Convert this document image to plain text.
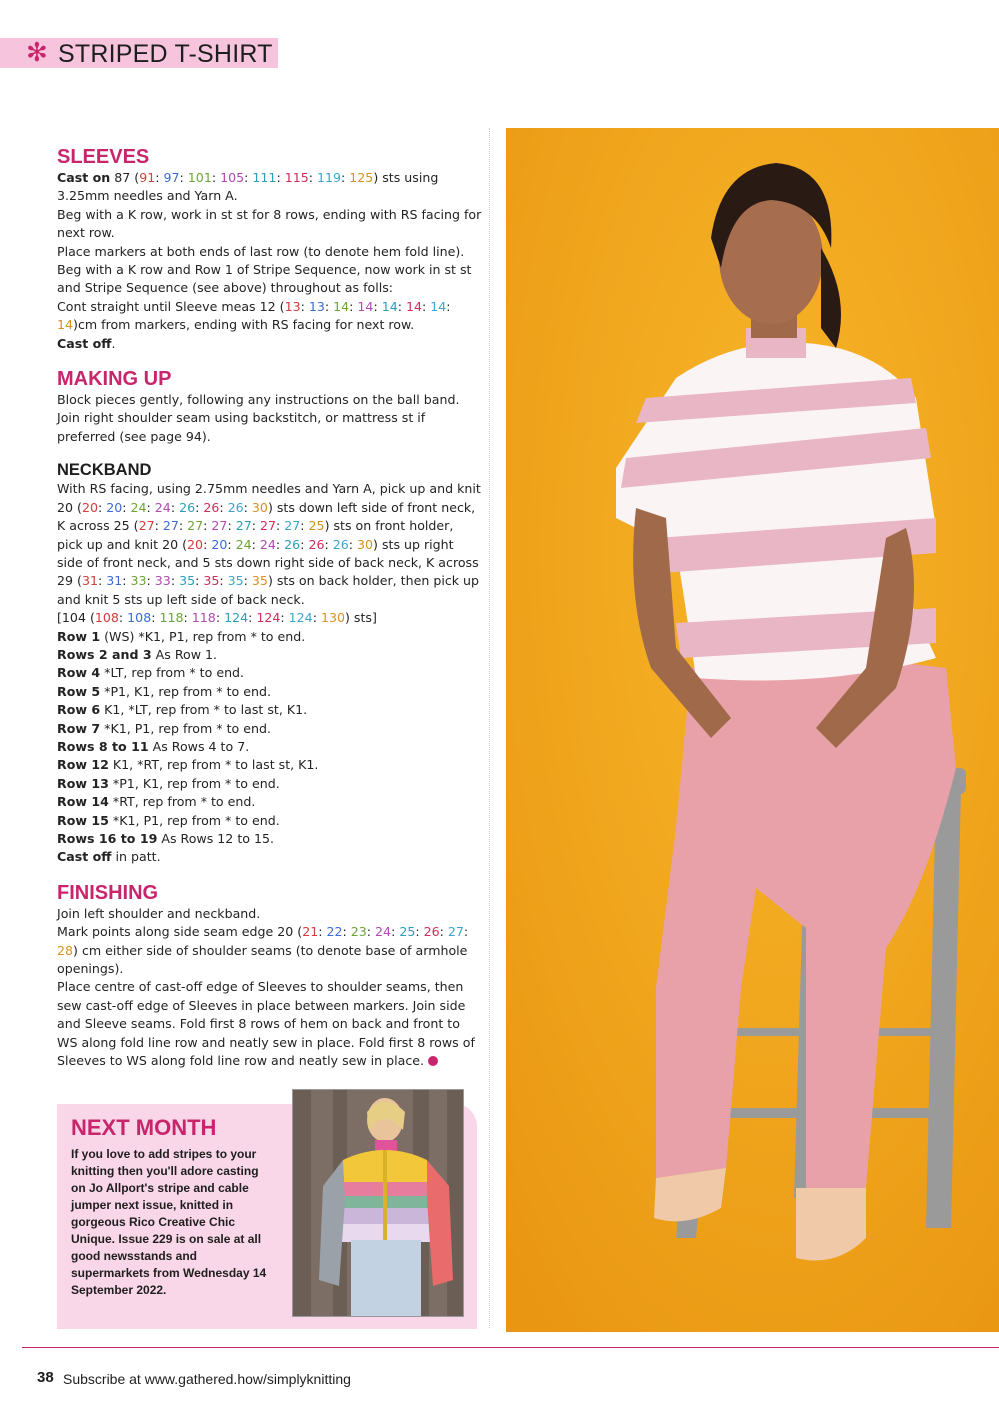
✻ STRIPED T-SHIRT
SLEEVES

Cast on 87 (91: 97: 101: 105: 111: 115: 119: 125) sts using 3.25mm needles and Yarn A.

Beg with a K row, work in st st for 8 rows, ending with RS facing for next row.

Place markers at both ends of last row (to denote hem fold line).

Beg with a K row and Row 1 of Stripe Sequence, now work in st st and Stripe Sequence (see above) throughout as folls:

Cont straight until Sleeve meas 12 (13: 13: 14: 14: 14: 14: 14: 14)cm from markers, ending with RS facing for next row.

Cast off.

MAKING UP

Block pieces gently, following any instructions on the ball band.

Join right shoulder seam using backstitch, or mattress st if preferred (see page 94).

NECKBAND

With RS facing, using 2.75mm needles and Yarn A, pick up and knit 20 (20: 20: 24: 24: 26: 26: 26: 30) sts down left side of front neck, K across 25 (27: 27: 27: 27: 27: 27: 27: 25) sts on front holder, pick up and knit 20 (20: 20: 24: 24: 26: 26: 26: 30) sts up right side of front neck, and 5 sts down right side of back neck, K across 29 (31: 31: 33: 33: 35: 35: 35: 35) sts on back holder, then pick up and knit 5 sts up left side of back neck.

[104 (108: 108: 118: 118: 124: 124: 124: 130) sts]

Row 1 (WS) *K1, P1, rep from * to end.

Rows 2 and 3 As Row 1.

Row 4 *LT, rep from * to end.

Row 5 *P1, K1, rep from * to end.

Row 6 K1, *LT, rep from * to last st, K1.

Row 7 *K1, P1, rep from * to end.

Rows 8 to 11 As Rows 4 to 7.

Row 12 K1, *RT, rep from * to last st, K1.

Row 13 *P1, K1, rep from * to end.

Row 14 *RT, rep from * to end.

Row 15 *K1, P1, rep from * to end.

Rows 16 to 19 As Rows 12 to 15.

Cast off in patt.

FINISHING

Join left shoulder and neckband.

Mark points along side seam edge 20 (21: 22: 23: 24: 25: 26: 27: 28) cm either side of shoulder seams (to denote base of armhole openings).

Place centre of cast-off edge of Sleeves to shoulder seams, then sew cast-off edge of Sleeves in place between markers. Join side and Sleeve seams. Fold first 8 rows of hem on back and front to WS along fold line row and neatly sew in place. Fold first 8 rows of Sleeves to WS along fold line row and neatly sew in place.

NEXT MONTH
If you love to add stripes to your knitting then you'll adore casting on Jo Allport's stripe and cable jumper next issue, knitted in gorgeous Rico Creative Chic Unique. Issue 229 is on sale at all good newsstands and supermarkets from Wednesday 14 September 2022.
38 Subscribe at www.gathered.how/simplyknitting
